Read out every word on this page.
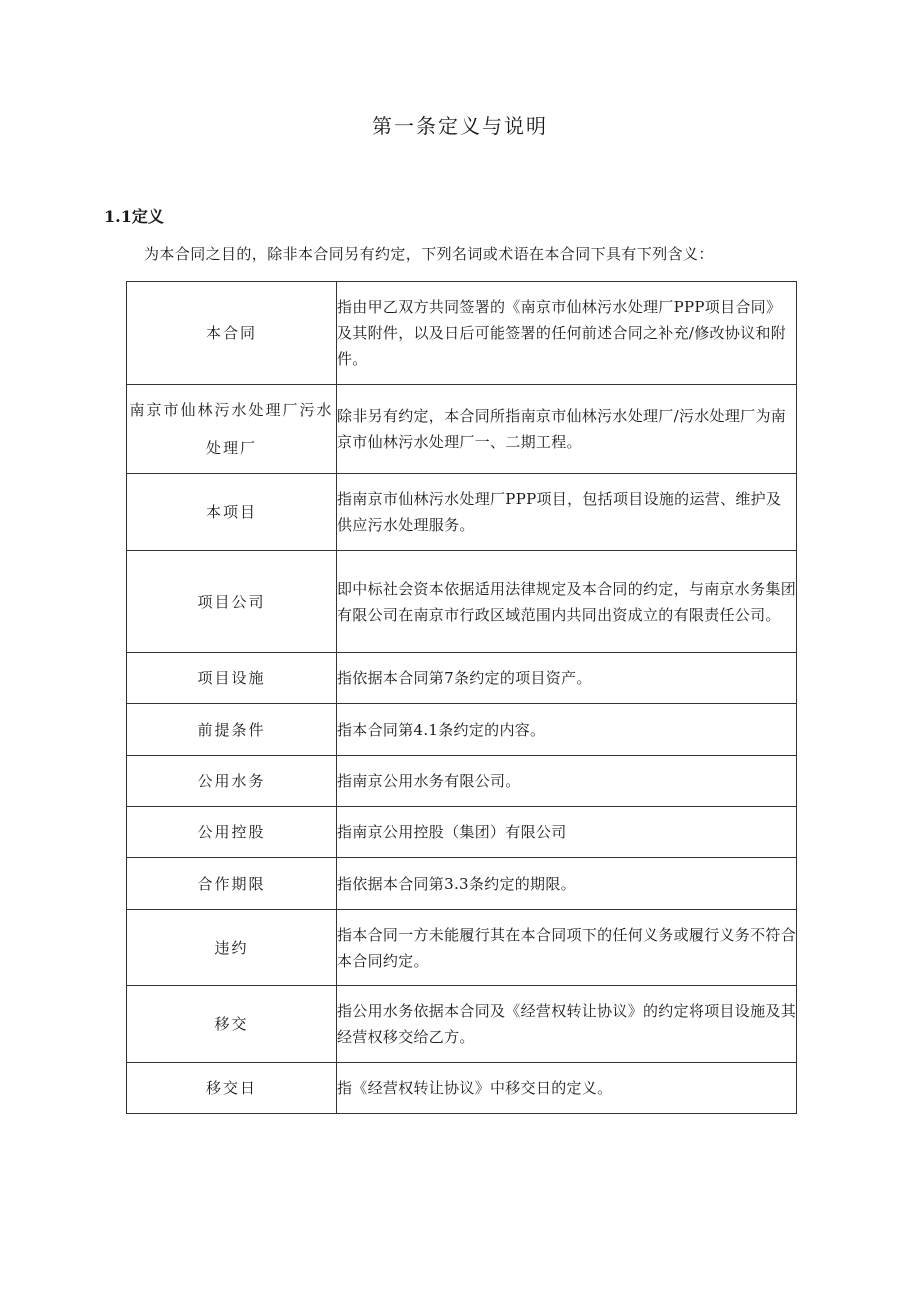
第一条定义与说明
1.1定义
为本合同之目的，除非本合同另有约定，下列名词或术语在本合同下具有下列含义：
本合同	指由甲乙双方共同签署的《南京市仙林污水处理厂PPP项目合同》及其附件，以及日后可能签署的任何前述合同之补充/修改协议和附件。
南京市仙林污水处理厂污水处理厂	除非另有约定，本合同所指南京市仙林污水处理厂/污水处理厂为南京市仙林污水处理厂一、二期工程。
本项目	指南京市仙林污水处理厂PPP项目，包括项目设施的运营、维护及供应污水处理服务。
项目公司	即中标社会资本依据适用法律规定及本合同的约定，与南京水务集团有限公司在南京市行政区域范围内共同出资成立的有限责任公司。
项目设施	指依据本合同第7条约定的项目资产。
前提条件	指本合同第4.1条约定的内容。
公用水务	指南京公用水务有限公司。
公用控股	指南京公用控股（集团）有限公司
合作期限	指依据本合同第3.3条约定的期限。
违约	指本合同一方未能履行其在本合同项下的任何义务或履行义务不符合本合同约定。
移交	指公用水务依据本合同及《经营权转让协议》的约定将项目设施及其经营权移交给乙方。
移交日	指《经营权转让协议》中移交日的定义。
